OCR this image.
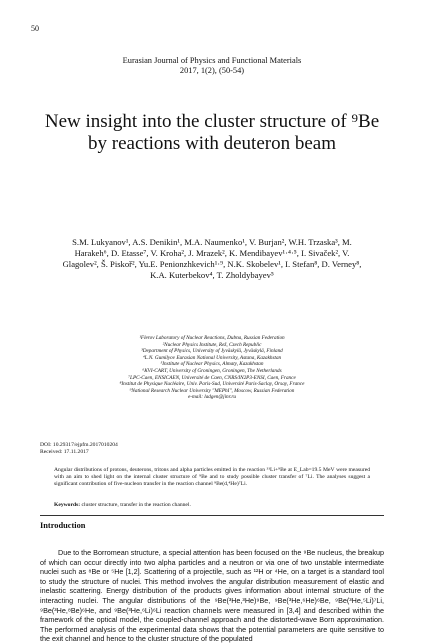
50
Eurasian Journal of Physics and Functional Materials
2017, 1(2), (50-54)
New insight into the cluster structure of ⁹Be by reactions with deuteron beam
S.M. Lukyanov¹, A.S. Denikin¹, M.A. Naumenko¹, V. Burjan², W.H. Trzaska³, M. Harakeh⁶, D. Etasse⁷, V. Kroha², J. Mrazek², K. Mendibayev¹·⁴·⁵, I. Sivaček², V. Glagolev², Š. Piskoř², Yu.E. Penionzhkevich¹·⁹, N.K. Skobelev¹, I. Stefan⁸, D. Verney⁸, K.A. Kuterbekov⁴, T. Zholdybayev⁵
¹Flerov Laboratory of Nuclear Reactions, Dubna, Russian Federation
²Nuclear Physics Institute, Rež, Czech Republic
³Department of Physics, University of Jyväskylä, Jyväskylä, Finland
⁴L.N. Gumilyov Eurasian National University, Astana, Kazakhstan
⁵Institute of Nuclear Physics, Almaty, Kazakhstan
⁶KVI-CART, University of Groningen, Groningen, The Netherlands
⁷LPC-Caen, ENSICAEN, Université de Caen, CNRS/IN2P3-ENSI, Caen, France
⁸Institut de Physique Nucléaire, Univ. Paris-Sud, Université Paris-Saclay, Orsay, France
⁹National Research Nuclear University "MEPhI", Moscow, Russian Federation
e-mail: ladgen@jinr.ru
DOI: 10.29317/ejpfm.2017010204
Received: 17.11.2017
Angular distributions of protons, deuterons, tritons and alpha particles emitted in the reaction ³¹Li+⁹Be at E_Lab=19.5 MeV were measured with an aim to shed light on the internal cluster structure of ⁹Be and to study possible cluster transfer of ⁷Li. The analyses suggest a significant contribution of five-nucleon transfer in the reaction channel ⁹Be(d,⁴He)⁷Li.
Keywords: cluster structure, transfer in the reaction channel.
Introduction
Due to the Borromean structure, a special attention has been focused on the ⁹Be nucleus, the breakup of which can occur directly into two alpha particles and a neutron or via one of two unstable intermediate nuclei such as ⁸Be or ⁵He [1,2]. Scattering of a projectile, such as ¹²H or ⁴He, on a target is a standard tool to study the structure of nuclei. This method involves the angular distribution measurement of elastic and inelastic scattering. Energy distribution of the products gives information about internal structure of the interacting nuclei. The angular distributions of the ⁹Be(³He,³He)⁹Be, ⁹Be(³He,⁶He)⁶Be, ⁹Be(³He,⁵Li)⁷Li, ⁹Be(³He,⁸Be)⁶He, and ⁹Be(³He,⁶Li)⁶Li reaction channels were measured in [3,4] and described within the framework of the optical model, the coupled-channel approach and the distorted-wave Born approximation. The performed analysis of the experimental data shows that the potential parameters are quite sensitive to the exit channel and hence to the cluster structure of the populated
